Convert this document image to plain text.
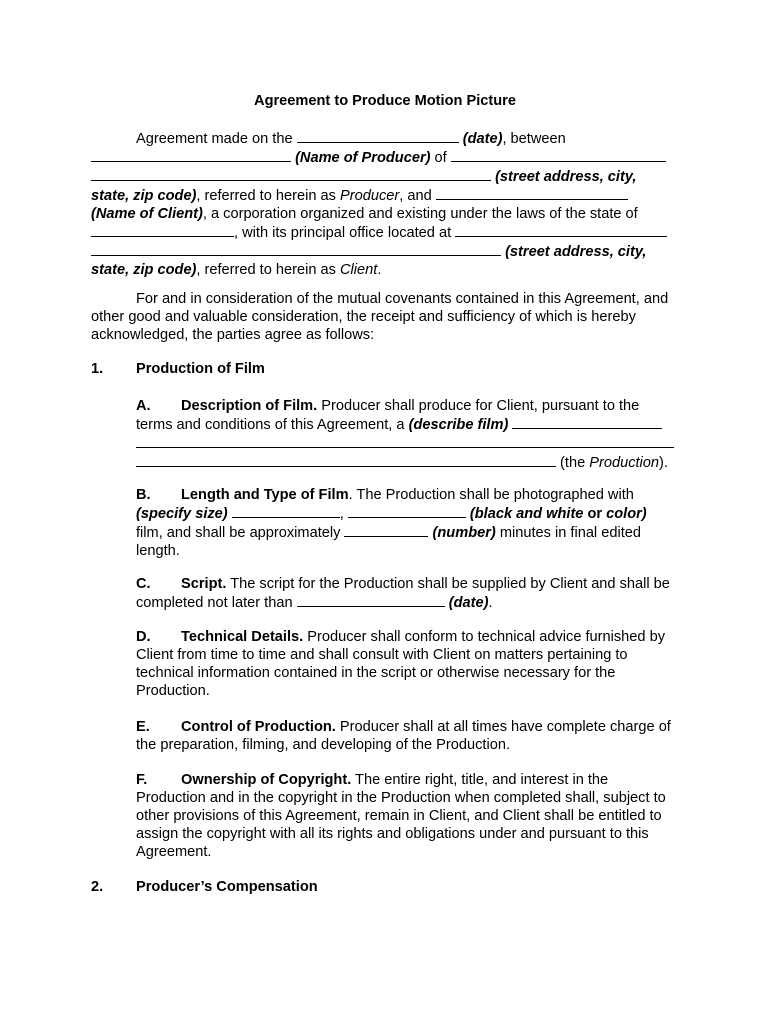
Agreement to Produce Motion Picture
Agreement made on the	(date), between
(Name of Producer) of
(street address, city,
state, zip code), referred to herein as Producer, and
(Name of Client), a corporation organized and existing under the laws of the state of
, with its principal office located at
(street address, city,
state, zip code), referred to herein as Client.
For and in consideration of the mutual covenants contained in this Agreement, and other good and valuable consideration, the receipt and sufficiency of which is hereby acknowledged, the parties agree as follows:
1. Production of Film
A. Description of Film. Producer shall produce for Client, pursuant to the terms and conditions of this Agreement, a (describe film)
(the Production).
B. Length and Type of Film. The Production shall be photographed with
(specify size)	,	(black and white or color)
film, and shall be approximately	(number) minutes in final edited length.
C. Script. The script for the Production shall be supplied by Client and shall be completed not later than	(date).
D. Technical Details. Producer shall conform to technical advice furnished by Client from time to time and shall consult with Client on matters pertaining to technical information contained in the script or otherwise necessary for the Production.
E. Control of Production. Producer shall at all times have complete charge of the preparation, filming, and developing of the Production.
F. Ownership of Copyright. The entire right, title, and interest in the Production and in the copyright in the Production when completed shall, subject to other provisions of this Agreement, remain in Client, and Client shall be entitled to assign the copyright with all its rights and obligations under and pursuant to this Agreement.
2. Producer’s Compensation
